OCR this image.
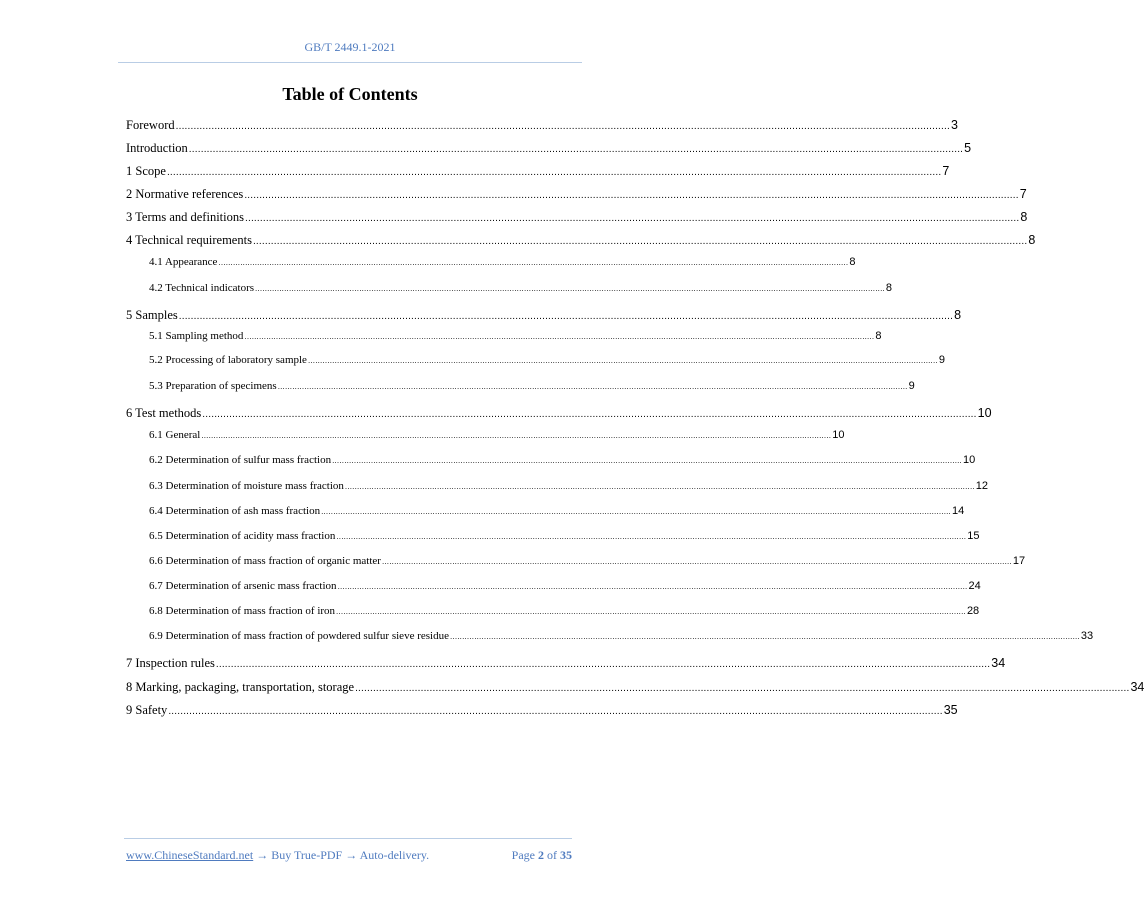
GB/T 2449.1-2021
Table of Contents
Foreword .................................................................................................................................................................................................................................................................... 3
Introduction .................................................................................................................................................................................................................................................................... 5
1 Scope .................................................................................................................................................................................................................................................................... 7
2 Normative references .................................................................................................................................................................................................................................................................... 7
3 Terms and definitions .................................................................................................................................................................................................................................................................... 8
4 Technical requirements .................................................................................................................................................................................................................................................................... 8
4.1 Appearance .................................................................................................................................................................................................................................................................... 8
4.2 Technical indicators .................................................................................................................................................................................................................................................................... 8
5 Samples .................................................................................................................................................................................................................................................................... 8
5.1 Sampling method .................................................................................................................................................................................................................................................................... 8
5.2 Processing of laboratory sample .................................................................................................................................................................................................................................................................... 9
5.3 Preparation of specimens .................................................................................................................................................................................................................................................................... 9
6 Test methods .................................................................................................................................................................................................................................................................... 10
6.1 General .................................................................................................................................................................................................................................................................... 10
6.2 Determination of sulfur mass fraction .................................................................................................................................................................................................................................................................... 10
6.3 Determination of moisture mass fraction .................................................................................................................................................................................................................................................................... 12
6.4 Determination of ash mass fraction .................................................................................................................................................................................................................................................................... 14
6.5 Determination of acidity mass fraction .................................................................................................................................................................................................................................................................... 15
6.6 Determination of mass fraction of organic matter .................................................................................................................................................................................................................................................................... 17
6.7 Determination of arsenic mass fraction .................................................................................................................................................................................................................................................................... 24
6.8 Determination of mass fraction of iron .................................................................................................................................................................................................................................................................... 28
6.9 Determination of mass fraction of powdered sulfur sieve residue .................................................................................................................................................................................................................................................................... 33
7 Inspection rules .................................................................................................................................................................................................................................................................... 34
8 Marking, packaging, transportation, storage .................................................................................................................................................................................................................................................................... 34
9 Safety .................................................................................................................................................................................................................................................................... 35
www.ChineseStandard.net → Buy True-PDF → Auto-delivery.	Page 2 of 35
